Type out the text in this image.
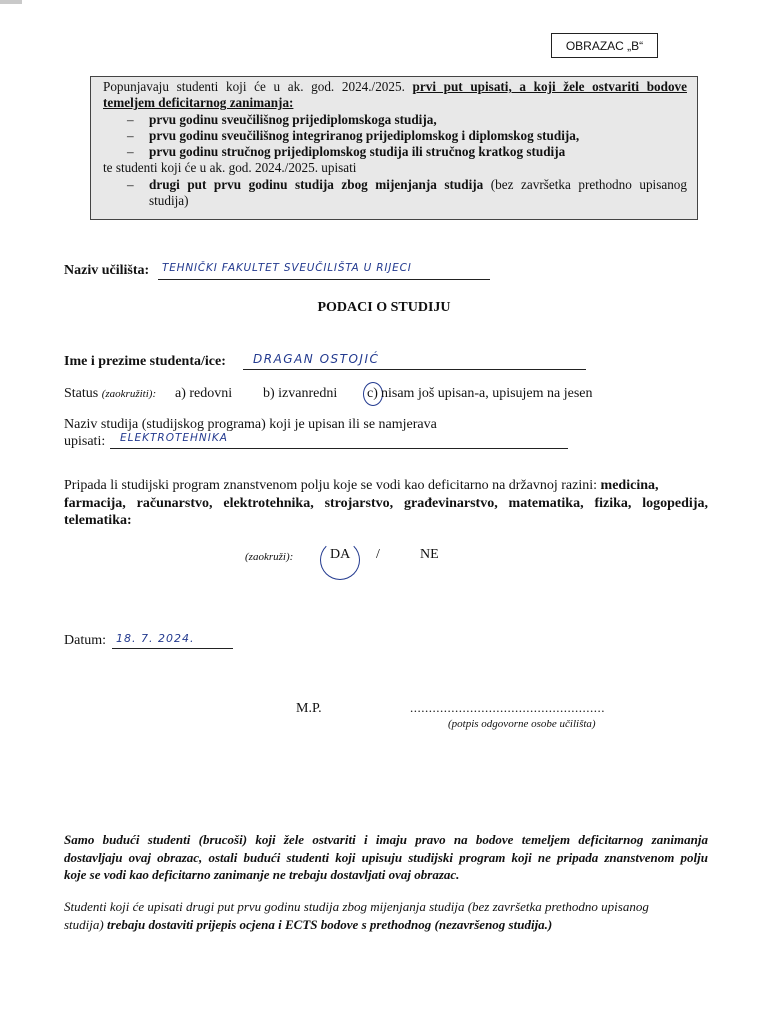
OBRAZAC „B“
Popunjavaju studenti koji će u ak. god. 2024./2025. prvi put upisati, a koji žele ostvariti bodove
temeljem deficitarnog zanimanja:
– prvu godinu sveučilišnog prijediplomskoga studija,
– prvu godinu sveučilišnog integriranog prijediplomskog i diplomskog studija,
– prvu godinu stručnog prijediplomskog studija ili stručnog kratkog studija
te studenti koji će u ak. god. 2024./2025. upisati
– drugi put prvu godinu studija zbog mijenjanja studija (bez završetka prethodno upisanog
studija)
Naziv učilišta: TEHNIČKI FAKULTET SVEUČILIŠTA U RIJECI
PODACI O STUDIJU
Ime i prezime studenta/ice: DRAGAN OSTOJIĆ
Status (zaokružiti): a) redovni b) izvanredni c) nisam još upisan-a, upisujem na jesen
Naziv studija (studijskog programa) koji je upisan ili se namjerava
upisati: ELEKTROTEHNIKA
Pripada li studijski program znanstvenom polju koje se vodi kao deficitarno na državnoj razini: medicina,
farmacija, računarstvo, elektrotehnika, strojarstvo, građevinarstvo, matematika, fizika, logopedija,
telematika:
(zaokruži):	DA /	NE
Datum: 18. 7. 2024.
M.P.	....................................................
(potpis odgovorne osobe učilišta)
Samo budući studenti (brucoši) koji žele ostvariti i imaju pravo na bodove temeljem deficitarnog zanimanja
dostavljaju ovaj obrazac, ostali budući studenti koji upisuju studijski program koji ne pripada znanstvenom polju
koje se vodi kao deficitarno zanimanje ne trebaju dostavljati ovaj obrazac.
Studenti koji će upisati drugi put prvu godinu studija zbog mijenjanja studija (bez završetka prethodno upisanog
studija) trebaju dostaviti prijepis ocjena i ECTS bodove s prethodnog (nezavršenog studija.)
